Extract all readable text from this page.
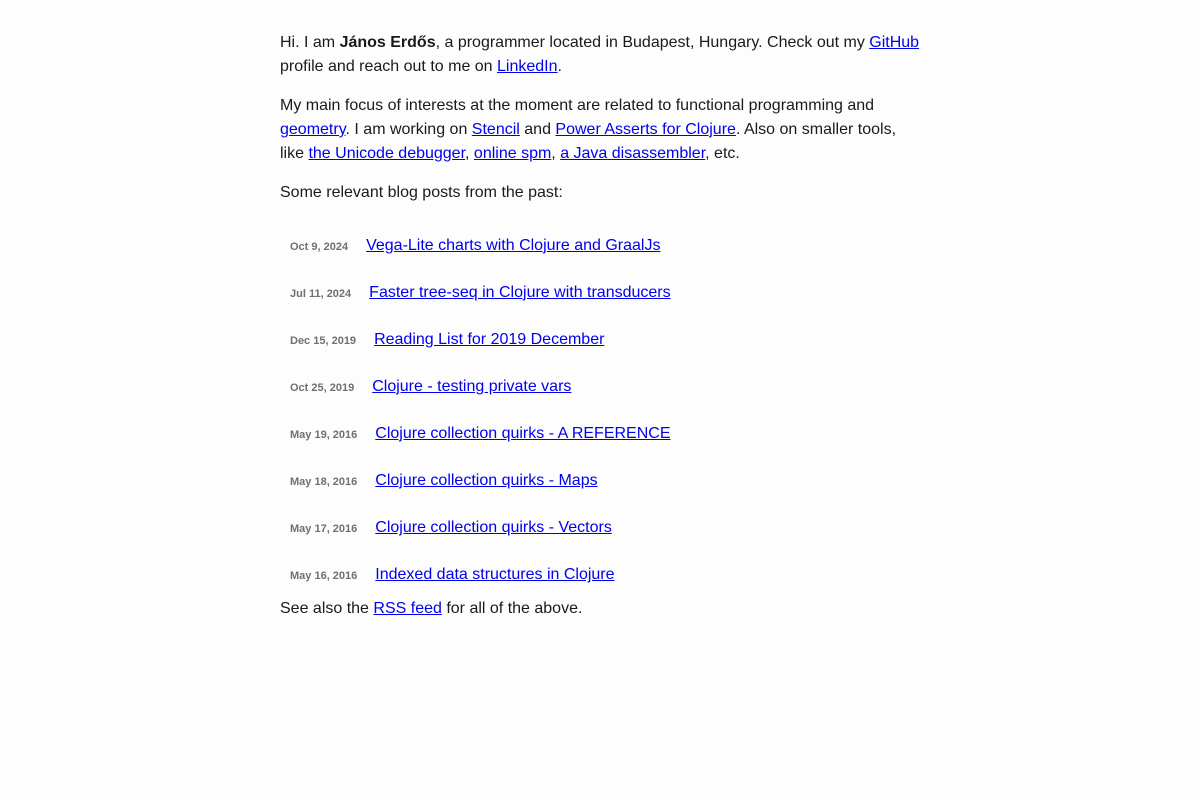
Hi. I am János Erdős, a programmer located in Budapest, Hungary. Check out my GitHub profile and reach out to me on LinkedIn.

My main focus of interests at the moment are related to functional programming and geometry. I am working on Stencil and Power Asserts for Clojure. Also on smaller tools, like the Unicode debugger, online spm, a Java disassembler, etc.

Some relevant blog posts from the past:

Oct 9, 2024	Vega-Lite charts with Clojure and GraalJs
Jul 11, 2024	Faster tree-seq in Clojure with transducers
Dec 15, 2019	Reading List for 2019 December
Oct 25, 2019	Clojure - testing private vars
May 19, 2016	Clojure collection quirks - A REFERENCE
May 18, 2016	Clojure collection quirks - Maps
May 17, 2016	Clojure collection quirks - Vectors
May 16, 2016	Indexed data structures in Clojure

See also the RSS feed for all of the above.
